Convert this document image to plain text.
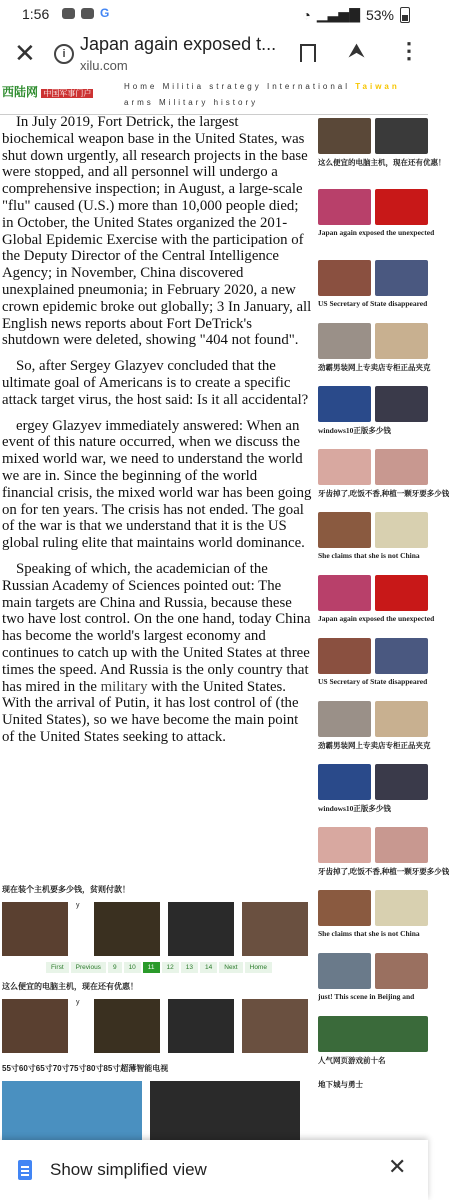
1:56	G	◔ ▁▃▅▇ 53%
✕	i Japan again exposed t...
xilu.com
⮝ ⋮
西陆网 中国军事门户
Home Militia strategy International Taiwan
arms Military history

In July 2019, Fort Detrick, the largest biochemical weapon base in the United States, was shut down urgently, all research projects in the base were stopped, and all personnel will undergo a comprehensive inspection; in August, a large-scale "flu" caused (U.S.) more than 10,000 people died; in October, the United States organized the 201-Global Epidemic Exercise with the participation of the Deputy Director of the Central Intelligence Agency; in November, China discovered unexplained pneumonia; in February 2020, a new crown epidemic broke out globally; 3 In January, all English news reports about Fort DeTrick's shutdown were deleted, showing "404 not found".

So, after Sergey Glazyev concluded that the ultimate goal of Americans is to create a specific attack target virus, the host said: Is it all accidental?

ergey Glazyev immediately answered: When an event of this nature occurred, when we discuss the mixed world war, we need to understand the world we are in. Since the beginning of the world financial crisis, the mixed world war has been going on for ten years. The crisis has not ended. The goal of the war is that we understand that it is the US global ruling elite that maintains world dominance.

Speaking of which, the academician of the Russian Academy of Sciences pointed out: The main targets are China and Russia, because these two have lost control. On the one hand, today China has become the world's largest economy and continues to catch up with the United States at three times the speed. And Russia is the only country that has mired in the military with the United States. With the arrival of Putin, it has lost control of (the United States), so we have become the main point of the United States seeking to attack.

这么便宜的电脑主机，现在还有优惠！
Japan again exposed the unexpected
US Secretary of State disappeared
劲霸男装网上专卖店专柜正品夹克
windows10正版多少钱
牙齿掉了,吃饭不香,种植一颗牙要多少钱
She claims that she is not China
Japan again exposed the unexpected
US Secretary of State disappeared
劲霸男装网上专卖店专柜正品夹克
windows10正版多少钱
牙齿掉了,吃饭不香,种植一颗牙要多少钱
She claims that she is not China
just! This scene in Beijing and
人气网页游戏前十名
地下城与勇士
现在装个主机要多少钱，贫则付款！
y
First	Previous	9	10	11	12	13	14	Next	Home
这么便宜的电脑主机，现在还有优惠！
y
55寸60寸65寸70寸75寸80寸85寸超薄智能电视
Show simplified view	✕
